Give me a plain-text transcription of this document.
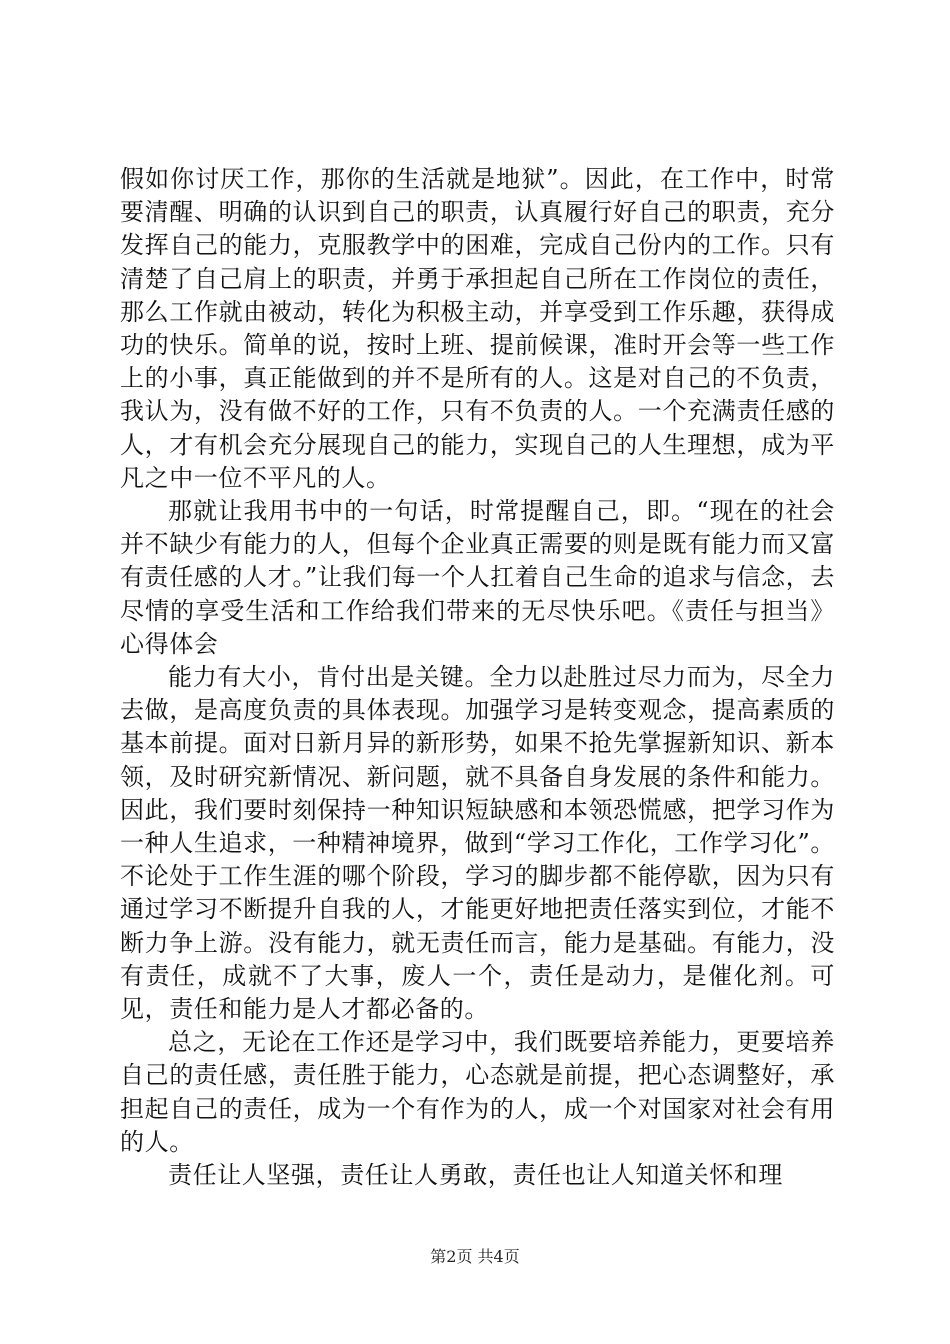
假如你讨厌工作，那你的生活就是地狱”。因此，在工作中，时常要清醒、明确的认识到自己的职责，认真履行好自己的职责，充分发挥自己的能力，克服教学中的困难，完成自己份内的工作。只有清楚了自己肩上的职责，并勇于承担起自己所在工作岗位的责任，那么工作就由被动，转化为积极主动，并享受到工作乐趣，获得成功的快乐。简单的说，按时上班、提前候课，准时开会等一些工作上的小事，真正能做到的并不是所有的人。这是对自己的不负责，我认为，没有做不好的工作，只有不负责的人。一个充满责任感的人，才有机会充分展现自己的能力，实现自己的人生理想，成为平凡之中一位不平凡的人。

那就让我用书中的一句话，时常提醒自己，即。“现在的社会并不缺少有能力的人，但每个企业真正需要的则是既有能力而又富有责任感的人才。”让我们每一个人扛着自己生命的追求与信念，去尽情的享受生活和工作给我们带来的无尽快乐吧。《责任与担当》心得体会

能力有大小，肯付出是关键。全力以赴胜过尽力而为，尽全力去做，是高度负责的具体表现。加强学习是转变观念，提高素质的基本前提。面对日新月异的新形势，如果不抢先掌握新知识、新本领，及时研究新情况、新问题，就不具备自身发展的条件和能力。因此，我们要时刻保持一种知识短缺感和本领恐慌感，把学习作为一种人生追求，一种精神境界，做到“学习工作化，工作学习化”。不论处于工作生涯的哪个阶段，学习的脚步都不能停歇，因为只有通过学习不断提升自我的人，才能更好地把责任落实到位，才能不断力争上游。没有能力，就无责任而言，能力是基础。有能力，没有责任，成就不了大事，废人一个，责任是动力，是催化剂。可见，责任和能力是人才都必备的。

总之，无论在工作还是学习中，我们既要培养能力，更要培养自己的责任感，责任胜于能力，心态就是前提，把心态调整好，承担起自己的责任，成为一个有作为的人，成一个对国家对社会有用的人。

责任让人坚强，责任让人勇敢，责任也让人知道关怀和理

第2页 共4页
